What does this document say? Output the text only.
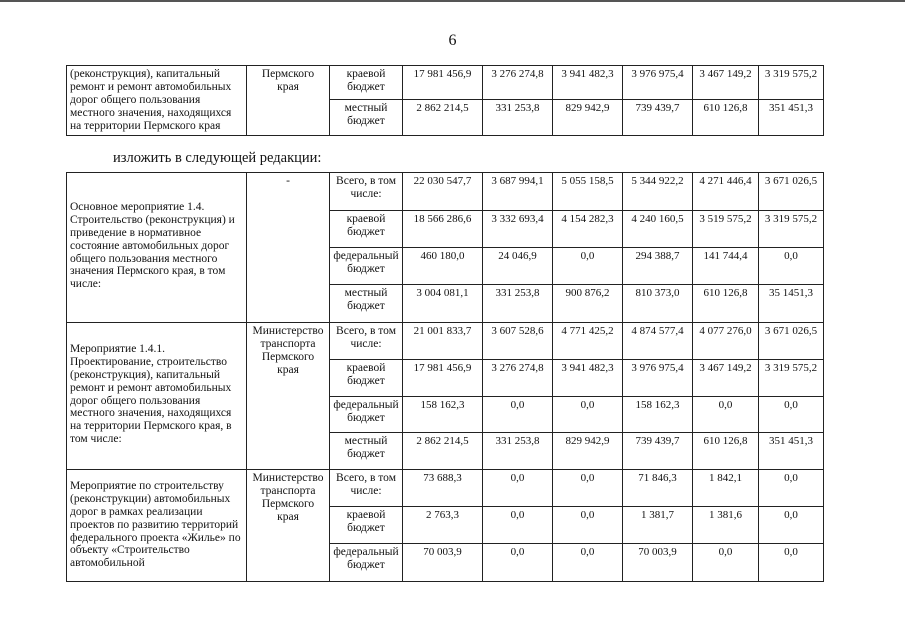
6
(реконструкция), капитальный ремонт и ремонт автомобильных дорог общего пользования местного значения, находящихся на территории Пермского края	Пермского края	краевой бюджет	17 981 456,9	3 276 274,8	3 941 482,3	3 976 975,4	3 467 149,2	3 319 575,2
		местный бюджет	2 862 214,5	331 253,8	829 942,9	739 439,7	610 126,8	351 451,3
изложить в следующей редакции:
Основное мероприятие 1.4. Строительство (реконструкция) и приведение в нормативное состояние автомобильных дорог общего пользования местного значения Пермского края, в том числе:	-	Всего, в том числе:	22 030 547,7	3 687 994,1	5 055 158,5	5 344 922,2	4 271 446,4	3 671 026,5
		краевой бюджет	18 566 286,6	3 332 693,4	4 154 282,3	4 240 160,5	3 519 575,2	3 319 575,2
		федеральный бюджет	460 180,0	24 046,9	0,0	294 388,7	141 744,4	0,0
		местный бюджет	3 004 081,1	331 253,8	900 876,2	810 373,0	610 126,8	35 1451,3
Мероприятие 1.4.1. Проектирование, строительство (реконструкция), капитальный ремонт и ремонт автомобильных дорог общего пользования местного значения, находящихся на территории Пермского края, в том числе:	Министерство транспорта Пермского края	Всего, в том числе:	21 001 833,7	3 607 528,6	4 771 425,2	4 874 577,4	4 077 276,0	3 671 026,5
		краевой бюджет	17 981 456,9	3 276 274,8	3 941 482,3	3 976 975,4	3 467 149,2	3 319 575,2
		федеральный бюджет	158 162,3	0,0	0,0	158 162,3	0,0	0,0
		местный бюджет	2 862 214,5	331 253,8	829 942,9	739 439,7	610 126,8	351 451,3
Мероприятие по строительству (реконструкции) автомобильных дорог в рамках реализации проектов по развитию территорий федерального проекта «Жилье» по объекту «Строительство автомобильной	Министерство транспорта Пермского края	Всего, в том числе:	73 688,3	0,0	0,0	71 846,3	1 842,1	0,0
		краевой бюджет	2 763,3	0,0	0,0	1 381,7	1 381,6	0,0
		федеральный бюджет	70 003,9	0,0	0,0	70 003,9	0,0	0,0
